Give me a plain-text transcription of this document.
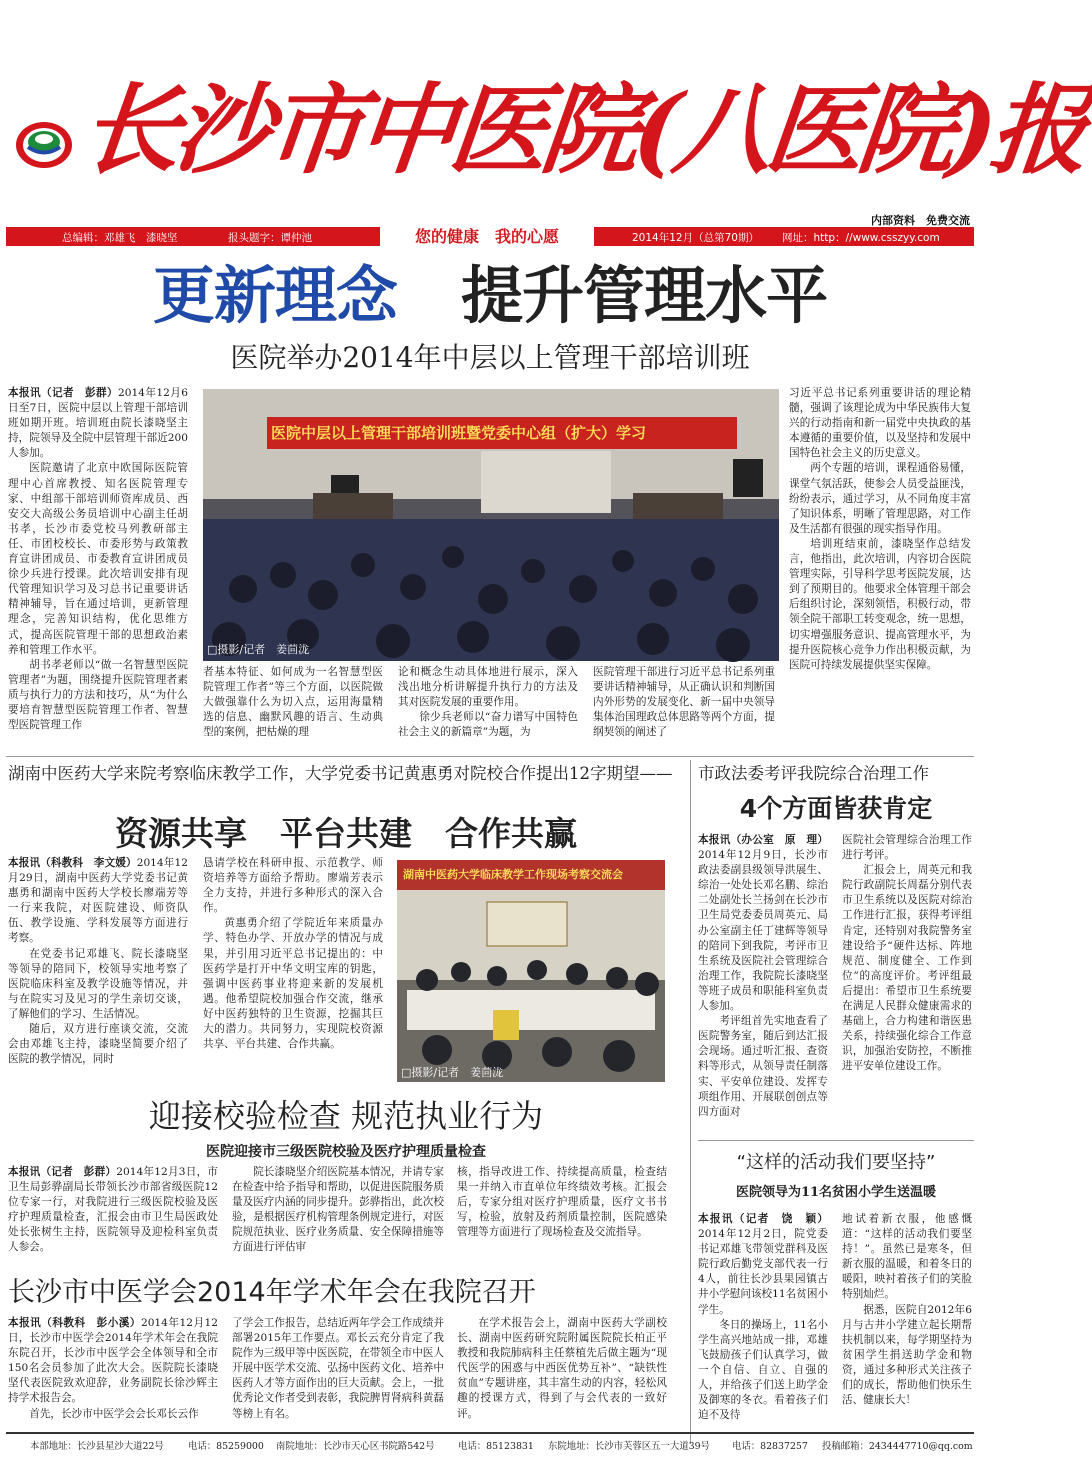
长沙市中医院(八医院)报
内部资料　免费交流
总编辑：邓雄飞　漆晓坚	报头题字：谭仲池	您的健康　我的心愿	2014年12月（总第70期） 网址：http：//www.csszyy.com
更新理念 提升管理水平
医院举办2014年中层以上管理干部培训班

本报讯（记者　彭群）2014年12月6日至7日，医院中层以上管理干部培训班如期开班。培训班由院长漆晓坚主持，院领导及全院中层管理干部近200人参加。

医院邀请了北京中欧国际医院管理中心首席教授、知名医院管理专家、中组部干部培训师资库成员、西安交大高级公务员培训中心副主任胡书孝，长沙市委党校马列教研部主任、市团校校长、市委形势与政策教育宣讲团成员、市委教育宣讲团成员徐少兵进行授课。此次培训安排有现代管理知识学习及习总书记重要讲话精神辅导，旨在通过培训，更新管理理念，完善知识结构，优化思维方式，提高医院管理干部的思想政治素养和管理工作水平。

胡书孝老师以“做一名智慧型医院管理者”为题，围绕提升医院管理者素质与执行力的方法和技巧，从“为什么要培育智慧型医院管理工作者、智慧型医院管理工作

医院中层以上管理干部培训班暨党委中心组（扩大）学习
□摄影/记者　姜茴泷

者基本特征、如何成为一名智慧型医院管理工作者”等三个方面，以医院做大做强靠什么为切入点，运用海量精选的信息、幽默风趣的语言、生动典型的案例，把枯燥的理

论和概念生动具体地进行展示，深入浅出地分析讲解提升执行力的方法及其对医院发展的重要作用。

徐少兵老师以“奋力谱写中国特色社会主义的新篇章”为题，为

医院管理干部进行习近平总书记系列重要讲话精神辅导，从正确认识和判断国内外形势的发展变化、新一届中央领导集体治国理政总体思路等两个方面，提纲契领的阐述了

习近平总书记系列重要讲话的理论精髓，强调了该理论成为中华民族伟大复兴的行动指南和新一届党中央执政的基本遵循的重要价值，以及坚持和发展中国特色社会主义的历史意义。

两个专题的培训，课程通俗易懂，课堂气氛活跃，使参会人员受益匪浅，纷纷表示，通过学习，从不同角度丰富了知识体系，明晰了管理思路，对工作及生活都有很强的现实指导作用。

培训班结束前，漆晓坚作总结发言，他指出，此次培训，内容切合医院管理实际，引导科学思考医院发展，达到了预期目的。他要求全体管理干部会后组织讨论，深刻领悟，积极行动，带领全院干部职工转变观念，统一思想，切实增强服务意识、提高管理水平，为提升医院核心竞争力作出积极贡献，为医院可持续发展提供坚实保障。

湖南中医药大学来院考察临床教学工作，大学党委书记黄惠勇对院校合作提出12字期望——
资源共享　平台共建　合作共赢

本报讯（科教科　李文媛）2014年12月29日，湖南中医药大学党委书记黄惠勇和湖南中医药大学校长廖端芳等一行来我院，对医院建设、师资队伍、教学设施、学科发展等方面进行考察。

在党委书记邓雄飞、院长漆晓坚等领导的陪同下，校领导实地考察了医院临床科室及教学设施等情况，并与在院实习及见习的学生亲切交谈，了解他们的学习、生活情况。

随后，双方进行座谈交流，交流会由邓雄飞主持，漆晓坚简要介绍了医院的教学情况，同时

恳请学校在科研申报、示范教学、师资培养等方面给予帮助。廖端芳表示全力支持，并进行多种形式的深入合作。

黄惠勇介绍了学院近年来质量办学、特色办学、开放办学的情况与成果，并引用习近平总书记提出的：中医药学是打开中华文明宝库的钥匙，强调中医药事业将迎来新的发展机遇。他希望院校加强合作交流，继承好中医药独特的卫生资源，挖掘其巨大的潜力。共同努力，实现院校资源共享、平台共建、合作共赢。

湖南中医药大学临床教学工作现场考察交流会
□摄影/记者　姜茴泷
市政法委考评我院综合治理工作
4个方面皆获肯定

本报讯（办公室　原　理）2014年12月9日，长沙市政法委副县级领导洪展生、综治一处处长邓名鹏、综治二处副处长兰扬剑在长沙市卫生局党委委员周英元、局办公室副主任丁建辉等领导的陪同下到我院，考评市卫生系统及医院社会管理综合治理工作，我院院长漆晓坚等班子成员和职能科室负责人参加。

考评组首先实地查看了医院警务室，随后到达汇报会现场。通过听汇报、查资料等形式，从领导责任制落实、平安单位建设、发挥专项组作用、开展联创创点等四方面对

医院社会管理综合治理工作进行考评。

汇报会上，周英元和我院行政副院长周磊分别代表市卫生系统以及医院对综治工作进行汇报，获得考评组肯定，还特别对我院警务室建设给予“硬件达标、阵地规范、制度健全、工作到位”的高度评价。考评组最后提出：希望市卫生系统要在满足人民群众健康需求的基础上，合力构建和谐医患关系，持续强化综合工作意识，加强治安防控，不断推进平安单位建设工作。

迎接校验检查 规范执业行为
医院迎接市三级医院校验及医疗护理质量检查

本报讯（记者　彭群）2014年12月3日，市卫生局彭骅副局长带领长沙市部省级医院12位专家一行，对我院进行三级医院校验及医疗护理质量检查，汇报会由市卫生局医政处处长张树生主持，医院领导及迎检科室负责人参会。

院长漆晓坚介绍医院基本情况，并请专家在检查中给予指导和帮助，以促进医院服务质量及医疗内涵的同步提升。彭骅指出，此次校验，是根据医疗机构管理条例规定进行，对医院规范执业、医疗业务质量、安全保障措施等方面进行评估审

核，指导改进工作、持续提高质量，检查结果一并纳入市直单位年终绩效考核。汇报会后，专家分组对医疗护理质量，医疗文书书写，检验，放射及药剂质量控制，医院感染管理等方面进行了现场检查及交流指导。

长沙市中医学会2014年学术年会在我院召开

本报讯（科教科　彭小溪）2014年12月12日，长沙市中医学会2014年学术年会在我院东院召开，长沙市中医学会全体领导和全市150名会员参加了此次大会。医院院长漆晓坚代表医院致欢迎辞，业务副院长徐沙辉主持学术报告会。

首先，长沙市中医学会会长邓长云作

了学会工作报告，总结近两年学会工作成绩并部署2015年工作要点。邓长云充分肯定了我院作为三级甲等中医医院，在带领全市中医人开展中医学术交流、弘扬中医药文化、培养中医药人才等方面作出的巨大贡献。会上，一批优秀论文作者受到表彰，我院脾胃肾病科黄磊等榜上有名。

在学术报告会上，湖南中医药大学副校长、湖南中医药研究院附属医院院长柏正平教授和我院肺病科主任蔡植先后做主题为“现代医学的困惑与中西医优势互补”、“缺铁性贫血”专题讲座，其丰富生动的内容，轻松风趣的授课方式，得到了与会代表的一致好评。

“这样的活动我们要坚持”
医院领导为11名贫困小学生送温暖

本报讯（记者　饶　颖）2014年12月2日，院党委书记邓雄飞带领党群科及医院行政后勤党支部代表一行4人，前往长沙县果园镇古井小学慰问该校11名贫困小学生。

冬日的操场上，11名小学生高兴地站成一排，邓雄飞鼓励孩子们认真学习，做一个自信、自立、自强的人，并给孩子们送上助学金及御寒的冬衣。看着孩子们迫不及待

地试着新衣服，他感慨道：“这样的活动我们要坚持！”。虽然已是寒冬，但新衣服的温暖，和着冬日的暖阳，映衬着孩子们的笑脸特别灿烂。

据悉，医院自2012年6月与古井小学建立起长期帮扶机制以来，每学期坚持为贫困学生捐送助学金和物资，通过多种形式关注孩子们的成长，帮助他们快乐生活、健康长大！

本部地址：长沙县星沙大道22号	电话：85259000 南院地址：长沙市天心区书院路542号 电话：85123831 东院地址：长沙市芙蓉区五一大道39号 电话：82837257 投稿邮箱：2434447710@qq.com
